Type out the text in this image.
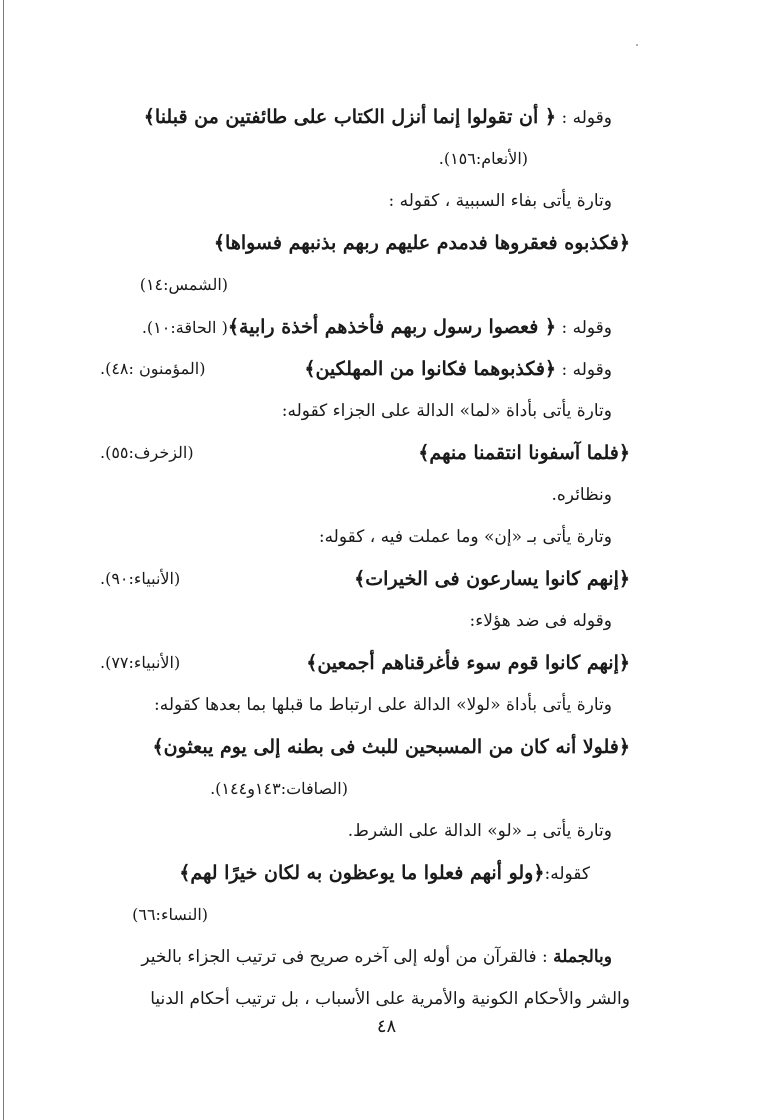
وقوله : ﴿ أن تقولوا إنما أنزل الكتاب على طائفتين من قبلنا﴾
(الأنعام:١٥٦).
وتارة يأتى بفاء السببية ، كقوله :
﴿فكذبوه فعقروها فدمدم عليهم ربهم بذنبهم فسواها﴾
(الشمس:١٤)
وقوله : ﴿ فعصوا رسول ربهم فأخذهم أخذة رابية﴾( الحاقة:١٠).
وقوله : ﴿فكذبوهما فكانوا من المهلكين﴾
(المؤمنون :٤٨).
وتارة يأتى بأداة «لما» الدالة على الجزاء كقوله:
﴿فلما آسفونا انتقمنا منهم﴾
(الزخرف:٥٥).
ونظائره.
وتارة يأتى بـ «إن» وما عملت فيه ، كقوله:
﴿إنهم كانوا يسارعون فى الخيرات﴾
(الأنبياء:٩٠).
وقوله فى ضد هؤلاء:
﴿إنهم كانوا قوم سوء فأغرقناهم أجمعين﴾
(الأنبياء:٧٧).
وتارة يأتى بأداة «لولا» الدالة على ارتباط ما قبلها بما بعدها كقوله:
﴿فلولا أنه كان من المسبحين للبث فى بطنه إلى يوم يبعثون﴾
(الصافات:١٤٣و١٤٤).
وتارة يأتى بـ «لو» الدالة على الشرط.
كقوله:﴿ولو أنهم فعلوا ما يوعظون به لكان خيرًا لهم﴾
(النساء:٦٦)
وبالجملة : فالقرآن من أوله إلى آخره صريح فى ترتيب الجزاء بالخير
والشر والأحكام الكونية والأمرية على الأسباب ، بل ترتيب أحكام الدنيا
٤٨
